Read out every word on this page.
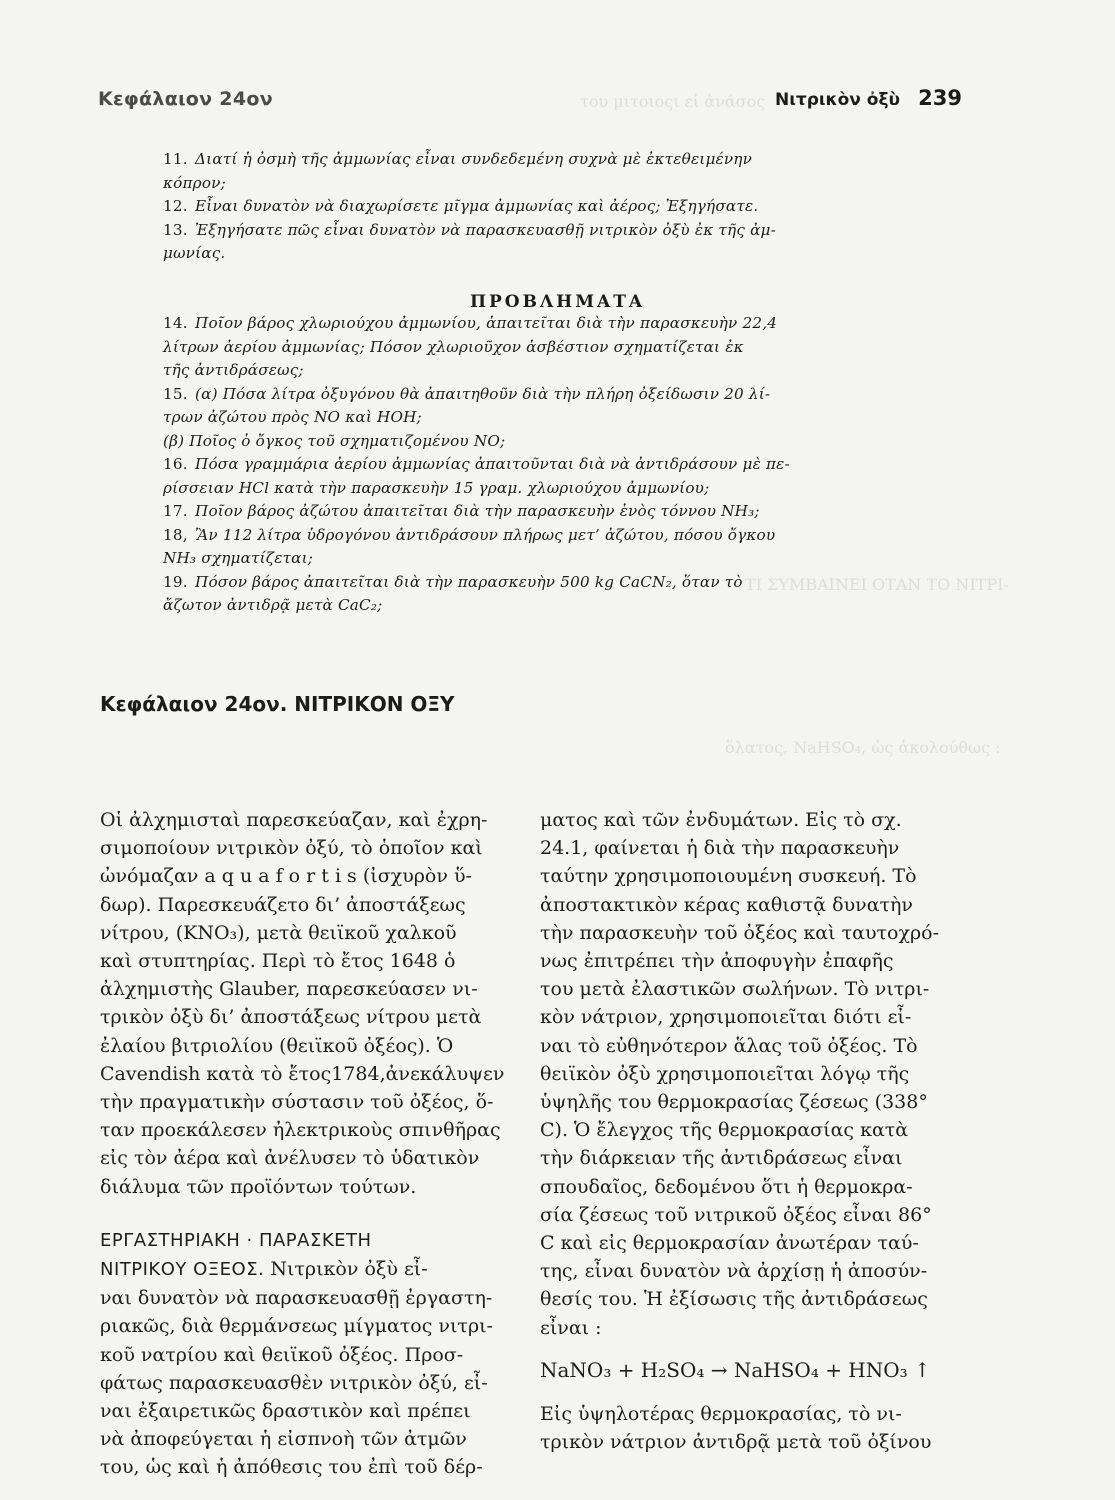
του μιτοιοςι εἰ ἀνάσος
ΤΙ ΣΥΜΒΑΙΝΕΙ ΟΤΑΝ ΤΟ ΝΙΤΡΙ-
ὅλατος, NaHSO₄, ὡς ἀκολούθως :
Κεφάλαιον 24ον	Νιτρικὸν ὀξὺ 239
11. Διατί ἡ ὀσμὴ τῆς ἀμμωνίας εἶναι συνδεδεμένη συχνὰ μὲ ἐκτεθειμένην
κόπρον;
12. Εἶναι δυνατὸν νὰ διαχωρίσετε μῖγμα ἀμμωνίας καὶ ἀέρος; Ἐξηγήσατε.
13. Ἐξηγήσατε πῶς εἶναι δυνατὸν νὰ παρασκευασθῇ νιτρικὸν ὀξὺ ἐκ τῆς ἀμ-
μωνίας.
ΠΡΟΒΛΗΜΑΤΑ
14. Ποῖον βάρος χλωριούχου ἀμμωνίου, ἀπαιτεῖται διὰ τὴν παρασκευὴν 22,4
λίτρων ἀερίου ἀμμωνίας; Πόσον χλωριοῦχον ἀσβέστιον σχηματίζεται ἐκ
τῆς ἀντιδράσεως;
15. (α) Πόσα λίτρα ὀξυγόνου θὰ ἀπαιτηθοῦν διὰ τὴν πλήρη ὀξείδωσιν 20 λί-
τρων ἀζώτου πρὸς ΝΟ καὶ ΗΟΗ;
(β) Ποῖος ὁ ὄγκος τοῦ σχηματιζομένου ΝΟ;
16. Πόσα γραμμάρια ἀερίου ἀμμωνίας ἀπαιτοῦνται διὰ νὰ ἀντιδράσουν μὲ πε-
ρίσσειαν HCl κατὰ τὴν παρασκευὴν 15 γραμ. χλωριούχου ἀμμωνίου;
17. Ποῖον βάρος ἀζώτου ἀπαιτεῖται διὰ τὴν παρασκευὴν ἑνὸς τόννου NH₃;
18, Ἂν 112 λίτρα ὑδρογόνου ἀντιδράσουν πλήρως μετ’ ἀζώτου, πόσου ὄγκου
NH₃ σχηματίζεται;
19. Πόσον βάρος ἀπαιτεῖται διὰ τὴν παρασκευὴν 500 kg CaCN₂, ὅταν τὸ
ἄζωτον ἀντιδρᾷ μετὰ CaC₂;
Κεφάλαιον 24ον. ΝΙΤΡΙΚΟΝ ΟΞΥ
Οἱ ἀλχημισταὶ παρεσκεύαζαν, καὶ ἐχρη-
σιμοποίουν νιτρικὸν ὀξύ, τὸ ὁποῖον καὶ
ὠνόμαζαν a q u a f o r t i s (ἰσχυρὸν ὕ-
δωρ). Παρεσκευάζετο δι’ ἀποστάξεως
νίτρου, (ΚΝΟ₃), μετὰ θειϊκοῦ χαλκοῦ
καὶ στυπτηρίας. Περὶ τὸ ἔτος 1648 ὁ
ἀλχημιστὴς Glauber, παρεσκεύασεν νι-
τρικὸν ὀξὺ δι’ ἀποστάξεως νίτρου μετὰ
ἐλαίου βιτριολίου (θειϊκοῦ ὀξέος). Ὁ
Cavendish κατὰ τὸ ἔτος1784,ἀνεκάλυψεν
τὴν πραγματικὴν σύστασιν τοῦ ὀξέος, ὅ-
ταν προεκάλεσεν ἠλεκτρικοὺς σπινθῆρας
εἰς τὸν ἀέρα καὶ ἀνέλυσεν τὸ ὑδατικὸν
διάλυμα τῶν προϊόντων τούτων.
ΕΡΓΑΣΤΗΡΙΑΚΗ · ΠΑΡΑΣΚΕΤΗ
ΝΙΤΡΙΚΟΥ ΟΞΕΟΣ. Νιτρικὸν ὀξὺ εἶ-
ναι δυνατὸν νὰ παρασκευασθῇ ἐργαστη-
ριακῶς, διὰ θερμάνσεως μίγματος νιτρι-
κοῦ νατρίου καὶ θειϊκοῦ ὀξέος. Προσ-
φάτως παρασκευασθὲν νιτρικὸν ὀξύ, εἶ-
ναι ἐξαιρετικῶς δραστικὸν καὶ πρέπει
νὰ ἀποφεύγεται ἡ εἰσπνοὴ τῶν ἀτμῶν
του, ὡς καὶ ἡ ἀπόθεσις του ἐπὶ τοῦ δέρ-
ματος καὶ τῶν ἐνδυμάτων. Εἰς τὸ σχ.
24.1, φαίνεται ἡ διὰ τὴν παρασκευὴν
ταύτην χρησιμοποιουμένη συσκευή. Τὸ
ἀποστακτικὸν κέρας καθιστᾷ δυνατὴν
τὴν παρασκευὴν τοῦ ὀξέος καὶ ταυτοχρό-
νως ἐπιτρέπει τὴν ἀποφυγὴν ἐπαφῆς
του μετὰ ἐλαστικῶν σωλήνων. Τὸ νιτρι-
κὸν νάτριον, χρησιμοποιεῖται διότι εἶ-
ναι τὸ εὐθηνότερον ἅλας τοῦ ὀξέος. Τὸ
θειϊκὸν ὀξὺ χρησιμοποιεῖται λόγῳ τῆς
ὑψηλῆς του θερμοκρασίας ζέσεως (338°
C). Ὁ ἔλεγχος τῆς θερμοκρασίας κατὰ
τὴν διάρκειαν τῆς ἀντιδράσεως εἶναι
σπουδαῖος, δεδομένου ὅτι ἡ θερμοκρα-
σία ζέσεως τοῦ νιτρικοῦ ὀξέος εἶναι 86°
C καὶ εἰς θερμοκρασίαν ἀνωτέραν ταύ-
της, εἶναι δυνατὸν νὰ ἀρχίσῃ ἡ ἀποσύν-
θεσίς του. Ἡ ἐξίσωσις τῆς ἀντιδράσεως
εἶναι :
NaNO₃ + H₂SO₄ → NaHSO₄ + HNO₃ ↑
Εἰς ὑψηλοτέρας θερμοκρασίας, τὸ νι-
τρικὸν νάτριον ἀντιδρᾷ μετὰ τοῦ ὀξίνου
